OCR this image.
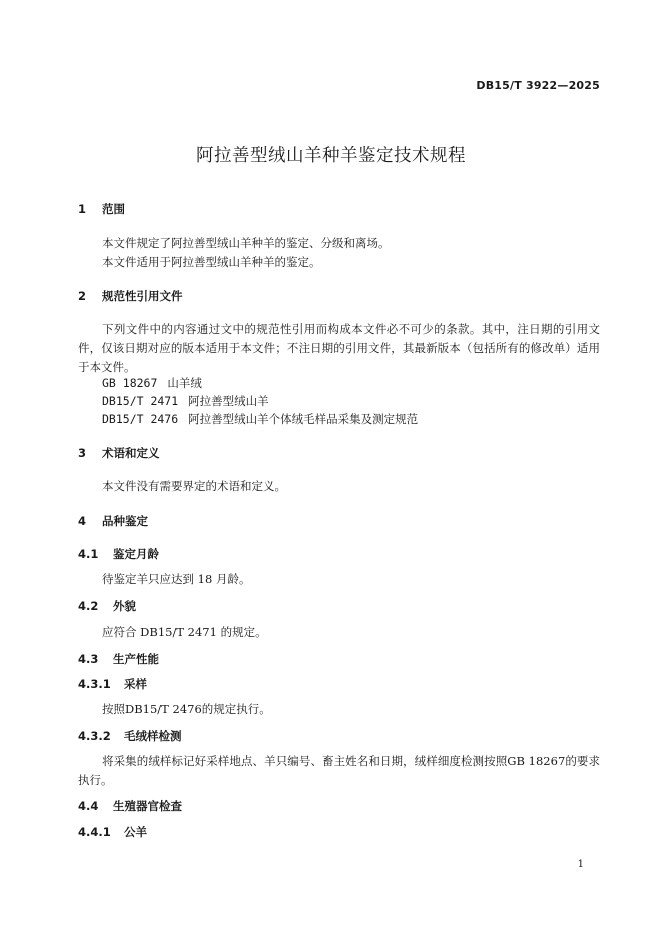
DB15/T 3922—2025
阿拉善型绒山羊种羊鉴定技术规程
1 范围
本文件规定了阿拉善型绒山羊种羊的鉴定、分级和离场。
本文件适用于阿拉善型绒山羊种羊的鉴定。
2 规范性引用文件
下列文件中的内容通过文中的规范性引用而构成本文件必不可少的条款。其中，注日期的引用文件，仅该日期对应的版本适用于本文件；不注日期的引用文件，其最新版本（包括所有的修改单）适用于本文件。
GB 18267 山羊绒
DB15/T 2471 阿拉善型绒山羊
DB15/T 2476 阿拉善型绒山羊个体绒毛样品采集及测定规范
3 术语和定义
本文件没有需要界定的术语和定义。
4 品种鉴定
4.1 鉴定月龄
待鉴定羊只应达到 18 月龄。
4.2 外貌
应符合 DB15/T 2471 的规定。
4.3 生产性能
4.3.1 采样
按照DB15/T 2476的规定执行。
4.3.2 毛绒样检测
将采集的绒样标记好采样地点、羊只编号、畜主姓名和日期，绒样细度检测按照GB 18267的要求执行。
4.4 生殖器官检查
4.4.1 公羊
1
